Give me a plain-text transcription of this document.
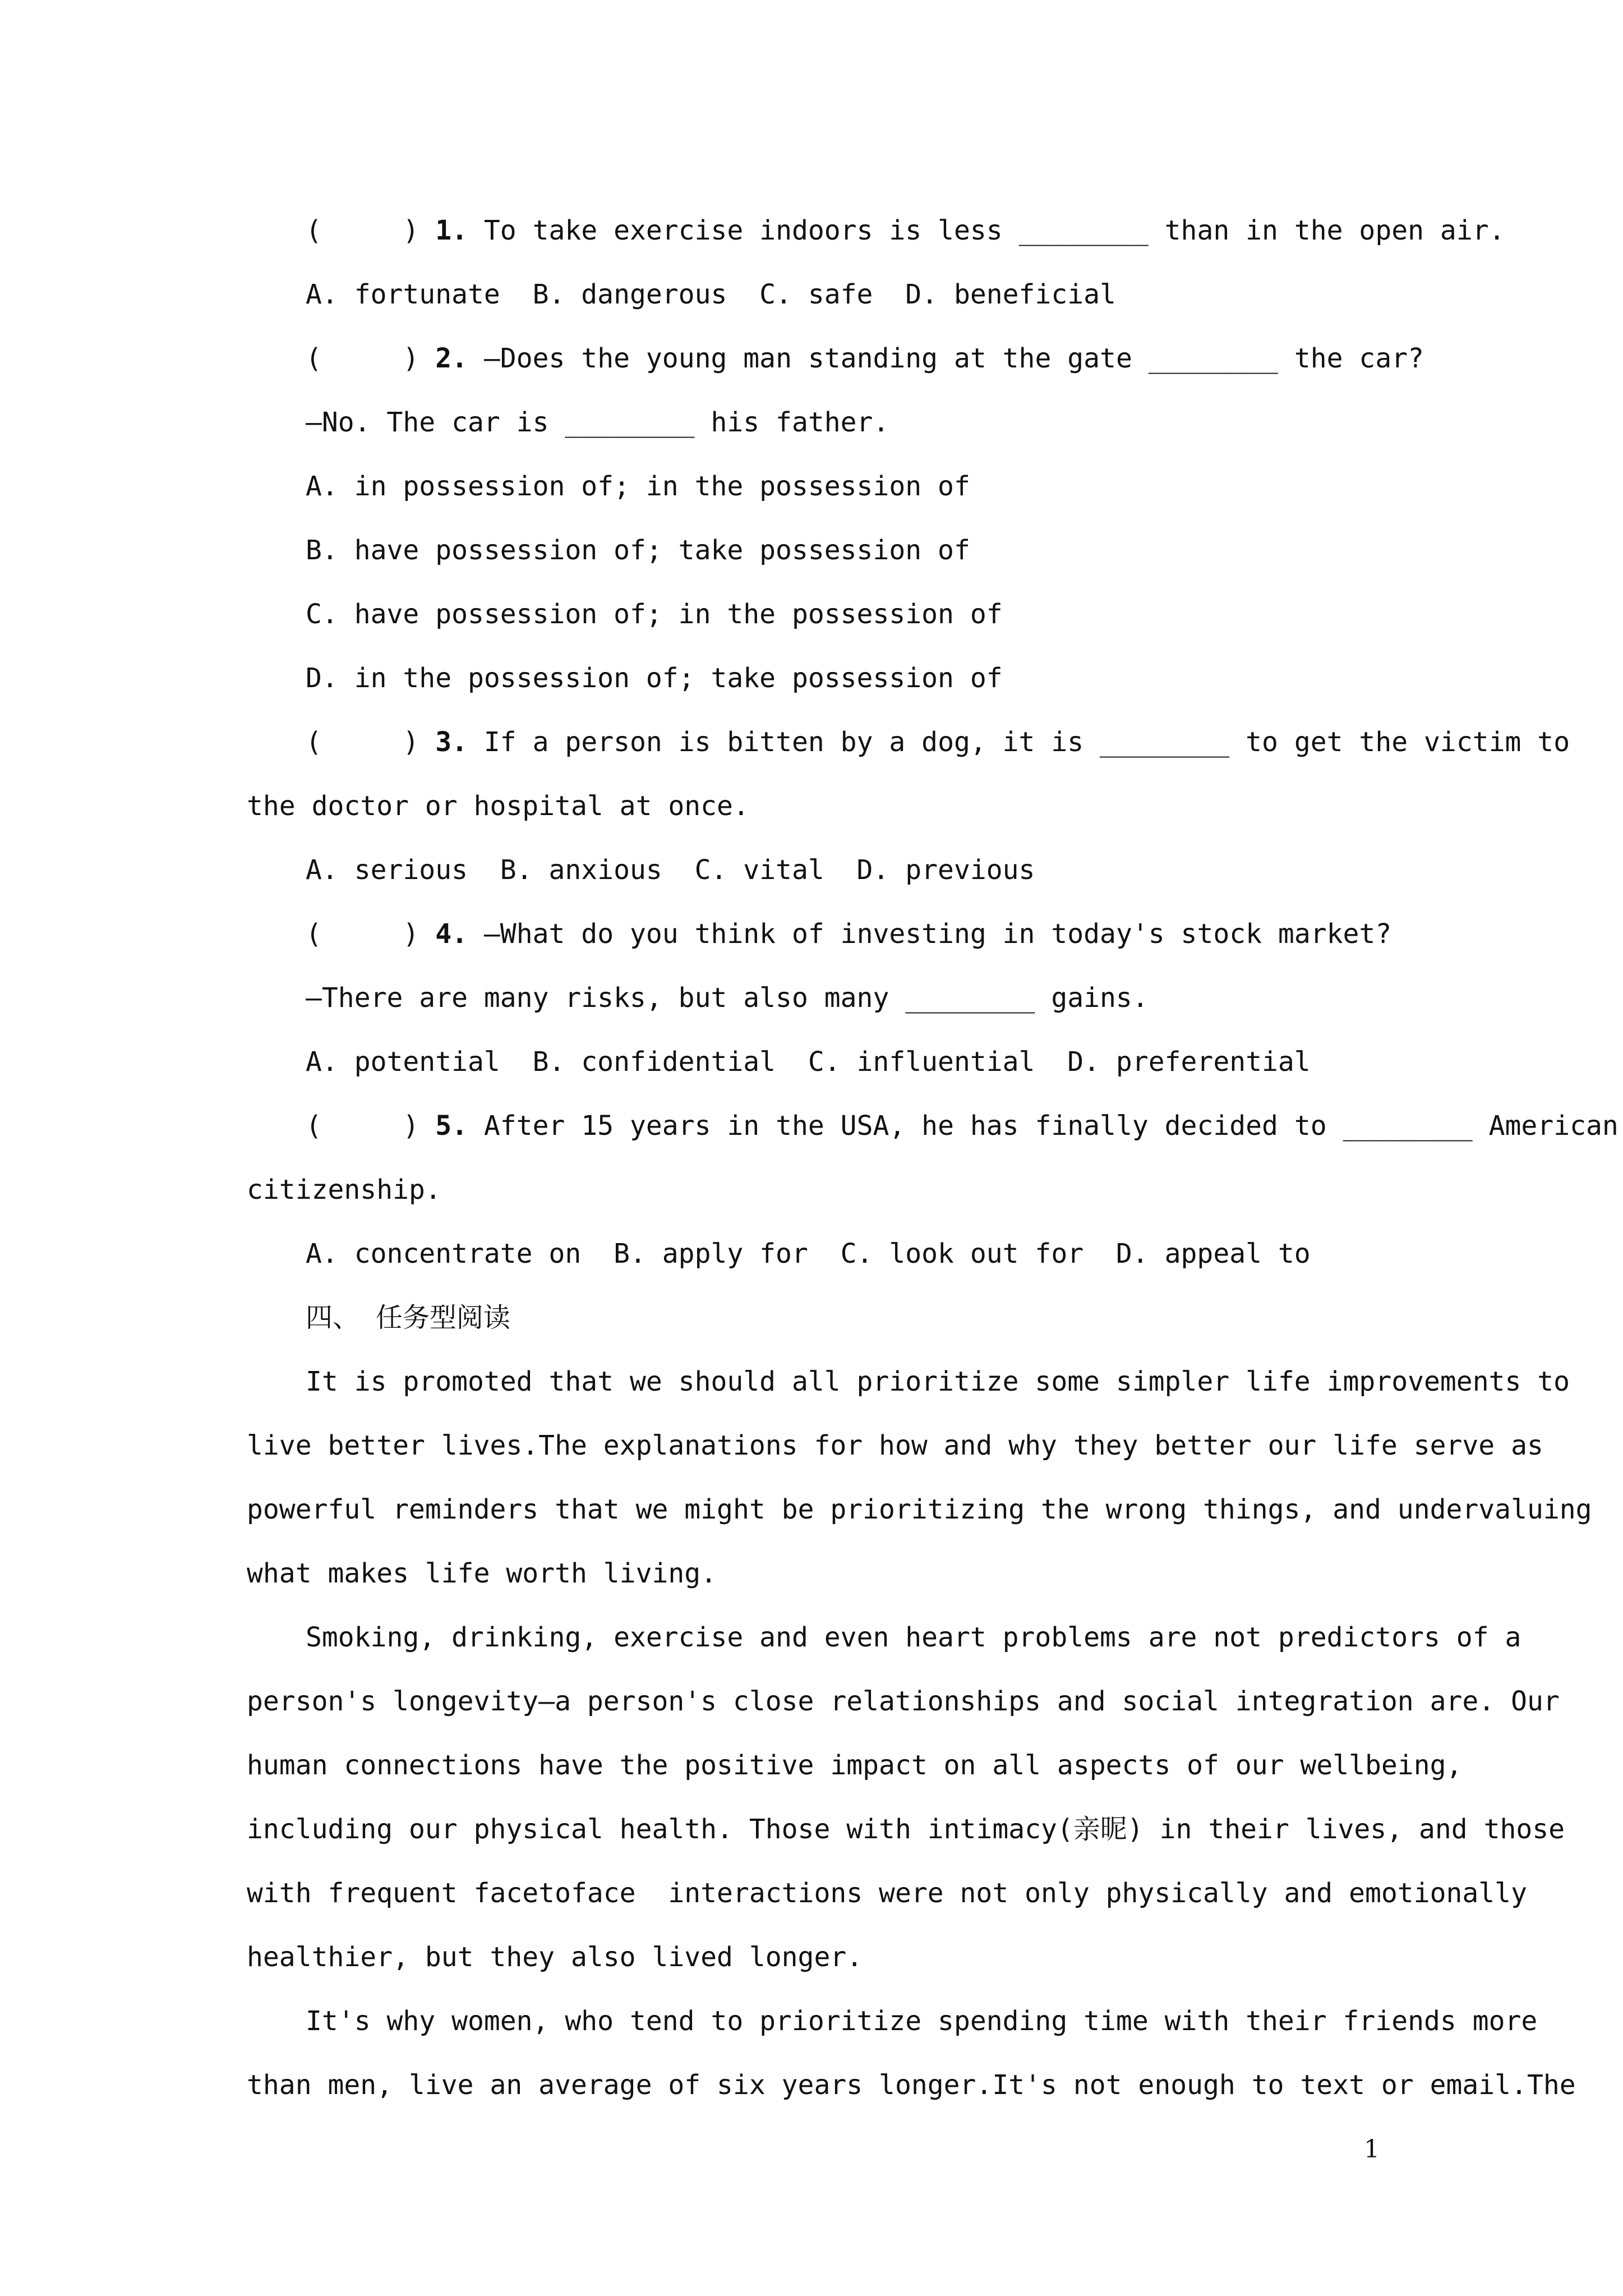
(     ) 1. To take exercise indoors is less ________ than in the open air.
A. fortunate  B. dangerous  C. safe  D. beneficial
(     ) 2. —Does the young man standing at the gate ________ the car?
—No. The car is ________ his father.
A. in possession of; in the possession of
B. have possession of; take possession of
C. have possession of; in the possession of
D. in the possession of; take possession of
(     ) 3. If a person is bitten by a dog, it is ________ to get the victim to
the doctor or hospital at once.
A. serious  B. anxious  C. vital  D. previous
(     ) 4. —What do you think of investing in today's stock market?
—There are many risks, but also many ________ gains.
A. potential  B. confidential  C. influential  D. preferential
(     ) 5. After 15 years in the USA, he has finally decided to ________ American
citizenship.
A. concentrate on  B. apply for  C. look out for  D. appeal to
四、 任务型阅读
It is promoted that we should all prioritize some simpler life improvements to
live better lives.The explanations for how and why they better our life serve as
powerful reminders that we might be prioritizing the wrong things, and undervaluing
what makes life worth living.
Smoking, drinking, exercise and even heart problems are not predictors of a
person's longevity—a person's close relationships and social integration are. Our
human connections have the positive impact on all aspects of our wellbeing,
including our physical health. Those with intimacy(亲昵) in their lives, and those
with frequent facetoface  interactions were not only physically and emotionally
healthier, but they also lived longer.
It's why women, who tend to prioritize spending time with their friends more
than men, live an average of six years longer.It's not enough to text or email.The
1
